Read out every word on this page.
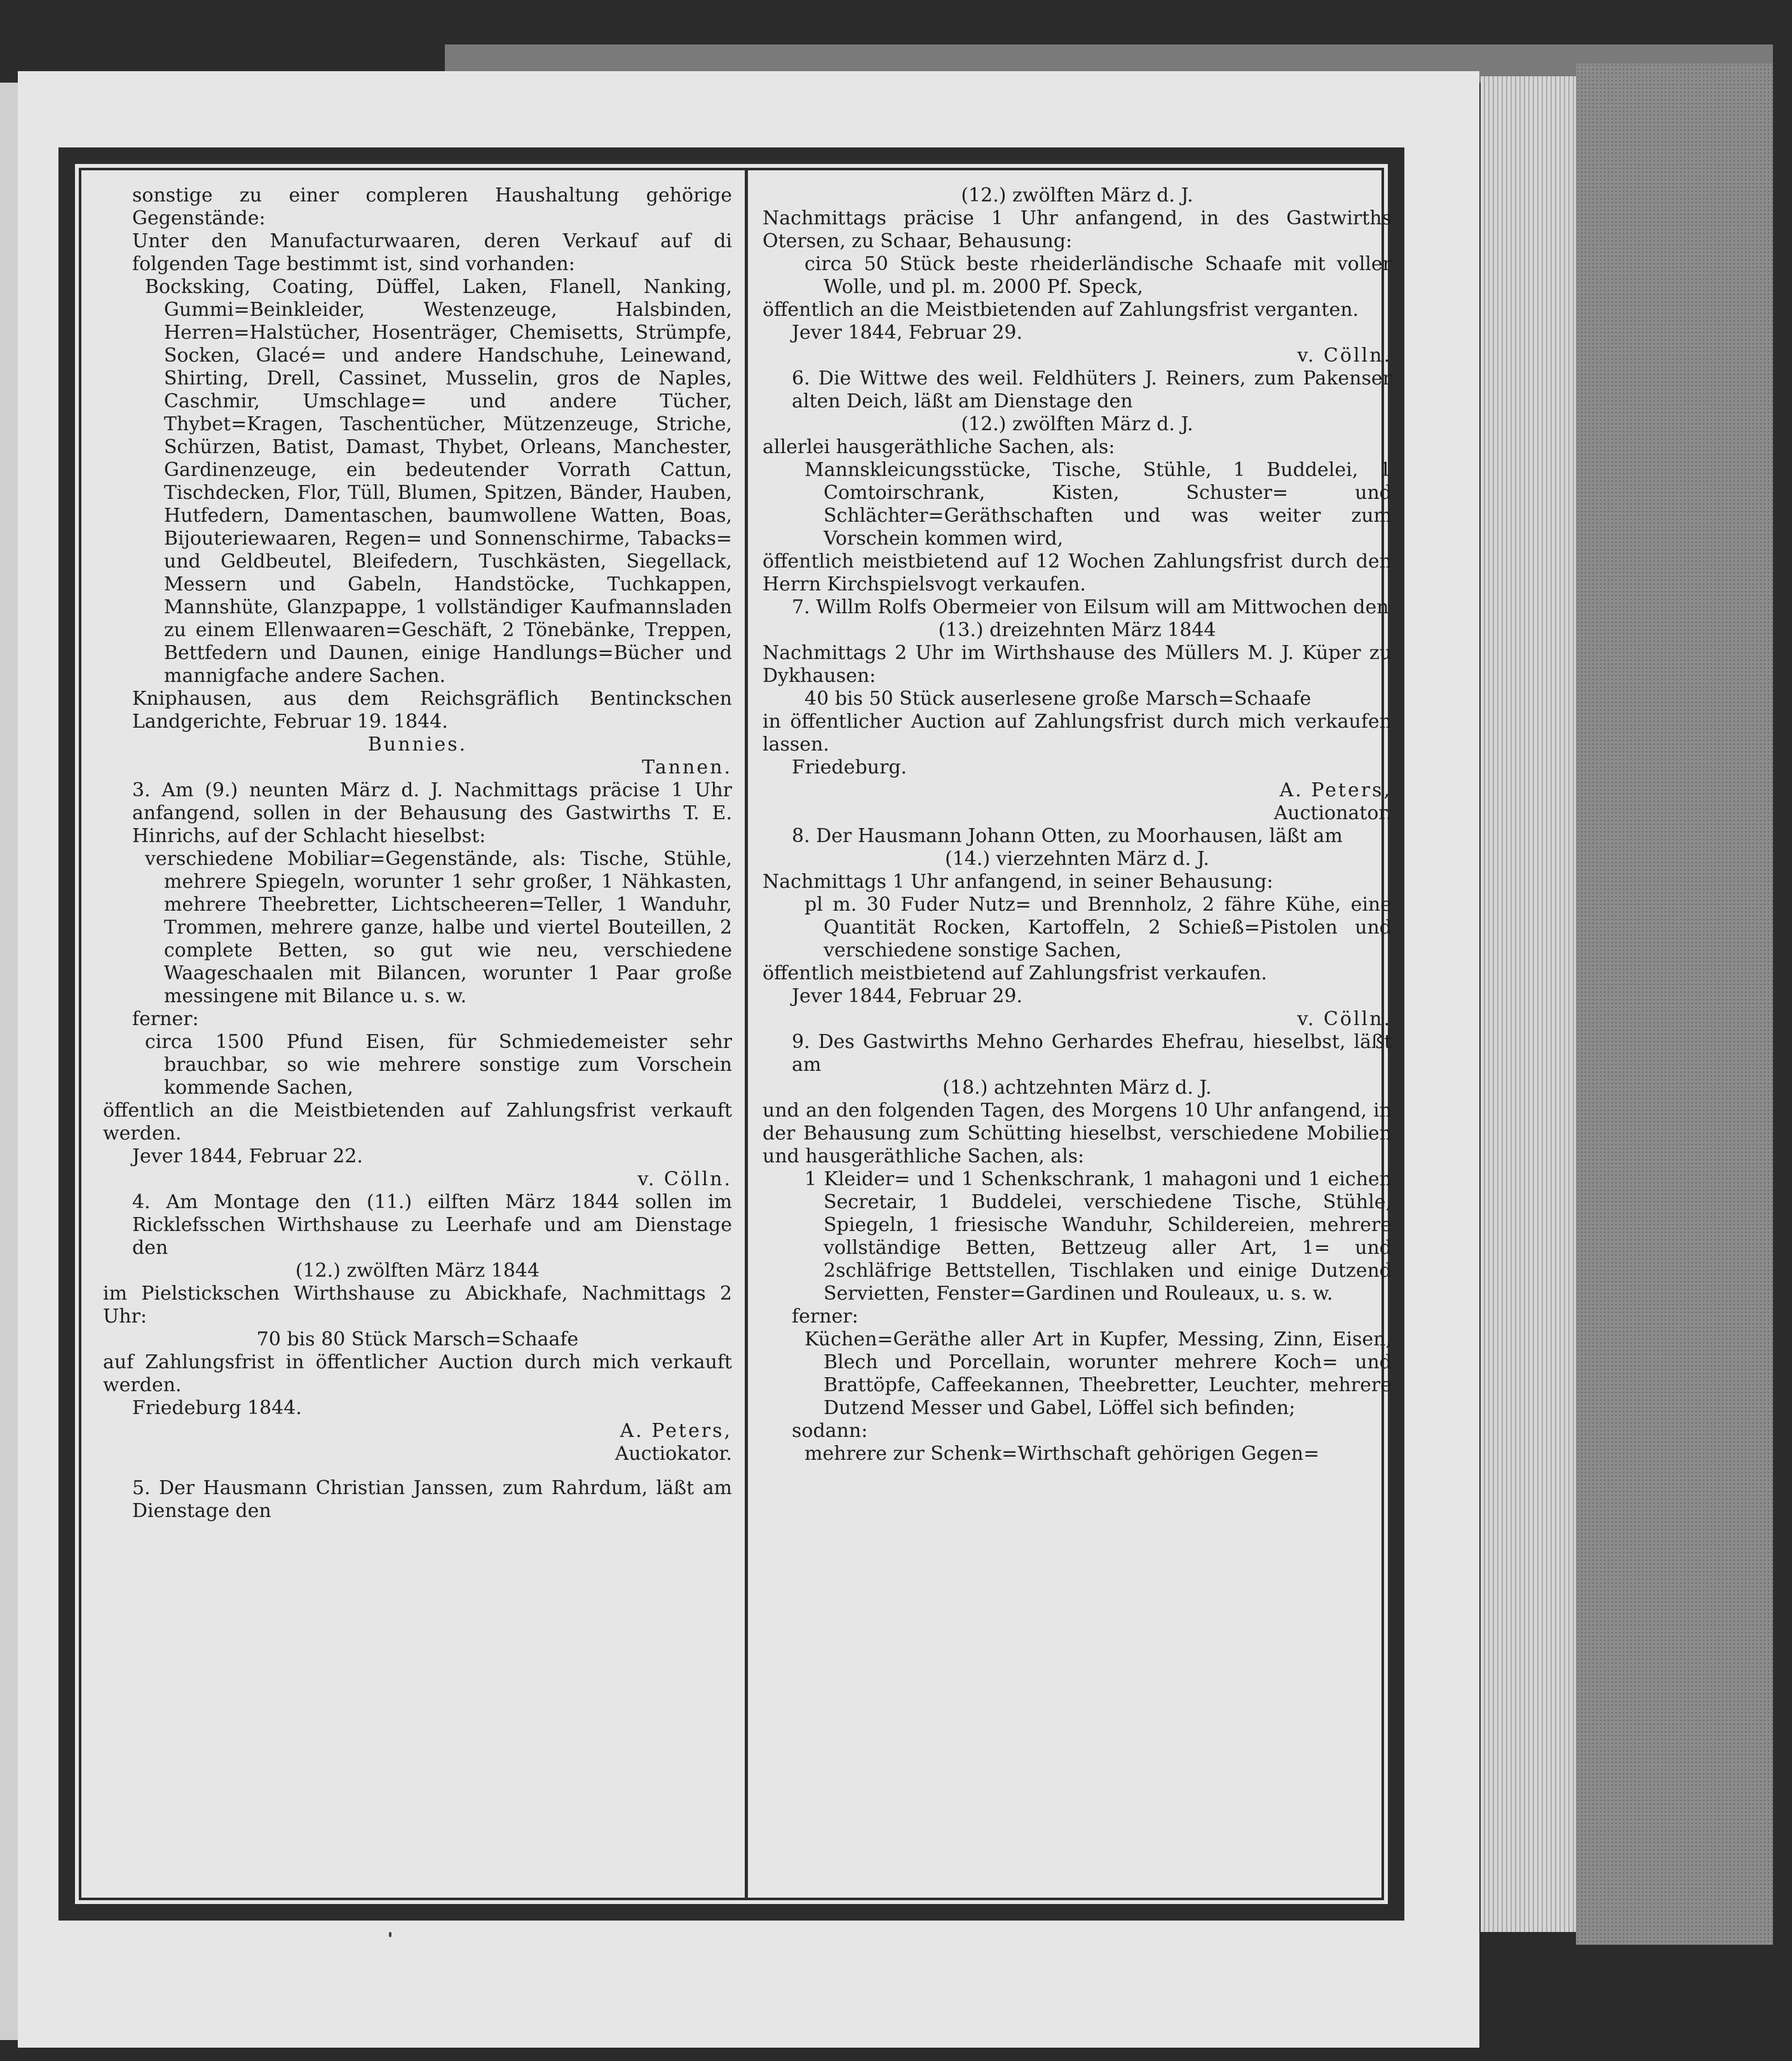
sonstige zu einer compleren Haushaltung gehörige Gegenstände:

Unter den Manufacturwaaren, deren Verkauf auf di folgenden Tage bestimmt ist, sind vorhanden:

Bocksking, Coating, Düffel, Laken, Flanell, Nanking, Gummi=Beinkleider, Westenzeuge, Halsbinden, Herren=Halstücher, Hosenträger, Chemisetts, Strümpfe, Socken, Glacé= und andere Handschuhe, Leinewand, Shirting, Drell, Cassinet, Musselin, gros de Naples, Caschmir, Umschlage= und andere Tücher, Thybet=Kragen, Taschentücher, Mützenzeuge, Striche, Schürzen, Batist, Damast, Thybet, Orleans, Manchester, Gardinenzeuge, ein bedeutender Vorrath Cattun, Tischdecken, Flor, Tüll, Blumen, Spitzen, Bänder, Hauben, Hutfedern, Damentaschen, baumwollene Watten, Boas, Bijouteriewaaren, Regen= und Sonnenschirme, Tabacks= und Geldbeutel, Bleifedern, Tuschkästen, Siegellack, Messern und Gabeln, Handstöcke, Tuchkappen, Mannshüte, Glanzpappe, 1 vollständiger Kaufmannsladen zu einem Ellenwaaren=Geschäft, 2 Tönebänke, Treppen, Bettfedern und Daunen, einige Handlungs=Bücher und mannigfache andere Sachen.

Kniphausen, aus dem Reichsgräflich Bentinckschen Landgerichte, Februar 19. 1844.

Bunnies.

Tannen.

3. Am (9.) neunten März d. J. Nachmittags präcise 1 Uhr anfangend, sollen in der Behausung des Gastwirths T. E. Hinrichs, auf der Schlacht hieselbst:

verschiedene Mobiliar=Gegenstände, als: Tische, Stühle, mehrere Spiegeln, worunter 1 sehr großer, 1 Nähkasten, mehrere Theebretter, Lichtscheeren=Teller, 1 Wanduhr, Trommen, mehrere ganze, halbe und viertel Bouteillen, 2 complete Betten, so gut wie neu, verschiedene Waageschaalen mit Bilancen, worunter 1 Paar große messingene mit Bilance u. s. w.

ferner:

circa 1500 Pfund Eisen, für Schmiedemeister sehr brauchbar, so wie mehrere sonstige zum Vorschein kommende Sachen,

öffentlich an die Meistbietenden auf Zahlungsfrist verkauft werden.

Jever 1844, Februar 22.

v. Cölln.

4. Am Montage den (11.) eilften März 1844 sollen im Ricklefsschen Wirthshause zu Leerhafe und am Dienstage den

(12.) zwölften März 1844

im Pielstickschen Wirthshause zu Abickhafe, Nachmittags 2 Uhr:

70 bis 80 Stück Marsch=Schaafe

auf Zahlungsfrist in öffentlicher Auction durch mich verkauft werden.

Friedeburg 1844.

A. Peters,

Auctiokator.

5. Der Hausmann Christian Janssen, zum Rahrdum, läßt am Dienstage den

(12.) zwölften März d. J.

Nachmittags präcise 1 Uhr anfangend, in des Gastwirths Otersen, zu Schaar, Behausung:

circa 50 Stück beste rheiderländische Schaafe mit voller Wolle, und pl. m. 2000 Pf. Speck,

öffentlich an die Meistbietenden auf Zahlungsfrist vergantеn.

Jever 1844, Februar 29.

v. Cölln.

6. Die Wittwe des weil. Feldhüters J. Reiners, zum Pakenser alten Deich, läßt am Dienstage den

(12.) zwölften März d. J.

allerlei hausgeräthliche Sachen, als:

Mannskleicungsstücke, Tische, Stühle, 1 Buddelei, 1 Comtoirschrank, Kisten, Schuster= und Schlächter=Geräthschaften und was weiter zum Vorschein kommen wird,

öffentlich meistbietend auf 12 Wochen Zahlungsfrist durch den Herrn Kirchspielsvogt verkaufen.

7. Willm Rolfs Obermeier von Eilsum will am Mittwochen den

(13.) dreizehnten März 1844

Nachmittags 2 Uhr im Wirthshause des Müllers M. J. Küper zu Dykhausen:

40 bis 50 Stück auserlesene große Marsch=Schaafe

in öffentlicher Auction auf Zahlungsfrist durch mich verkaufen lassen.

Friedeburg.

A. Peters,

Auctionator.

8. Der Hausmann Johann Otten, zu Moorhausen, läßt am

(14.) vierzehnten März d. J.

Nachmittags 1 Uhr anfangend, in seiner Behausung:

pl m. 30 Fuder Nutz= und Brennholz, 2 fähre Kühe, eine Quantität Rocken, Kartoffeln, 2 Schieß=Pistolen und verschiedene sonstige Sachen,

öffentlich meistbietend auf Zahlungsfrist verkaufen.

Jever 1844, Februar 29.

v. Cölln.

9. Des Gastwirths Mehno Gerhardes Ehefrau, hieselbst, läßt am

(18.) achtzehnten März d. J.

und an den folgenden Tagen, des Morgens 10 Uhr anfangend, in der Behausung zum Schütting hieselbst, verschiedene Mobilien und hausgeräthliche Sachen, als:

1 Kleider= und 1 Schenkschrank, 1 mahagoni und 1 eichen Secretair, 1 Buddelei, verschiedene Tische, Stühle, Spiegeln, 1 friesische Wanduhr, Schildereien, mehrere vollständige Betten, Bettzeug aller Art, 1= und 2schläfrige Bettstellen, Tischlaken und einige Dutzend Servietten, Fenster=Gardinen und Rouleaux, u. s. w.

ferner:

Küchen=Geräthe aller Art in Kupfer, Messing, Zinn, Eisen, Blech und Porcellain, worunter mehrere Koch= und Brattöpfe, Caffeekannen, Theebretter, Leuchter, mehrere Dutzend Messer und Gabel, Löffel sich befinden;

sodann:

mehrere zur Schenk=Wirthschaft gehörigen Gegen=
